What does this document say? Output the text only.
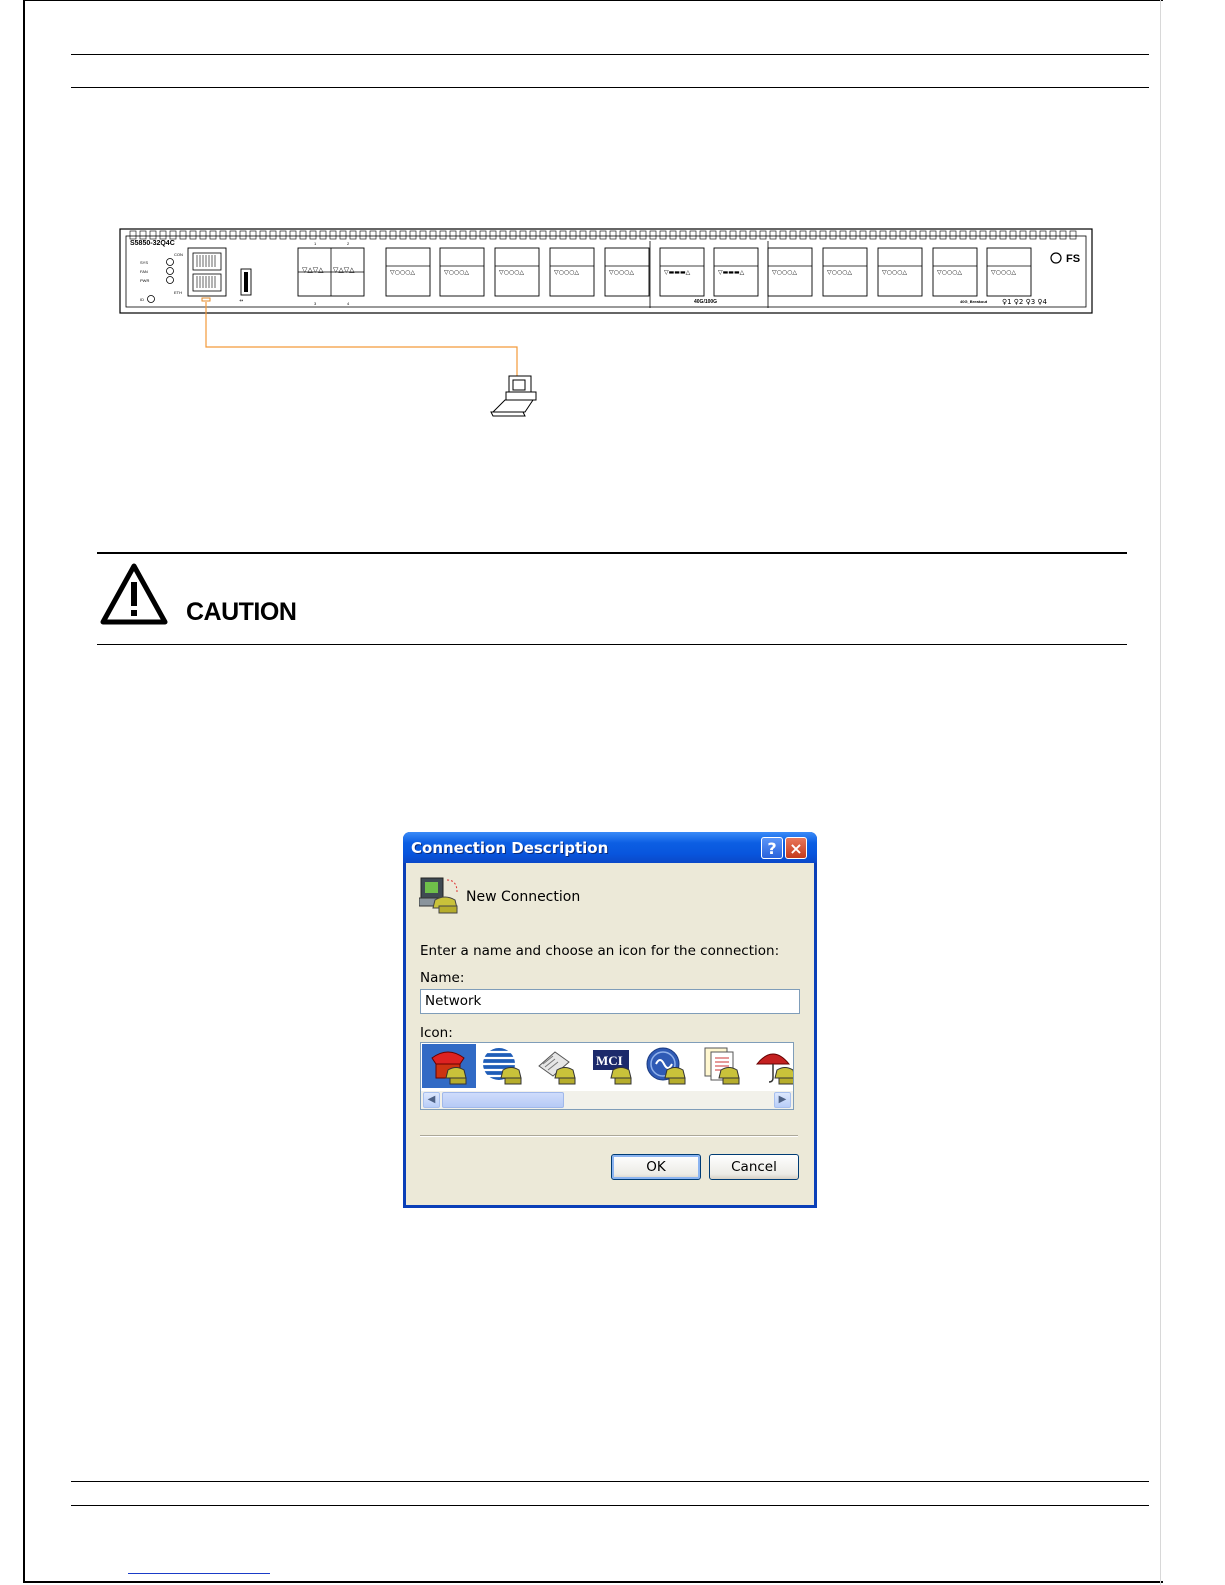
S5850-32Q4C
FS
SYS
FAN
PWR
CON
ETH
ID	⇸
▽△▽△ ▽△▽△
1	2
3	4
▽○○○△	▽○○○△	▽○○○△	▽○○○△	▽○○○△	▽▬▬▬△	▽▬▬▬△	▽○○○△	▽○○○△	▽○○○△	▽○○○△	▽○○○△
40G/100G	40G_Breakout ♀1 ♀2 ♀3 ♀4
CAUTION
Connection Description	? ×
New Connection
Enter a name and choose an icon for the connection:
Name:
Network
Icon:
MCI
◀	▶
OK	Cancel
